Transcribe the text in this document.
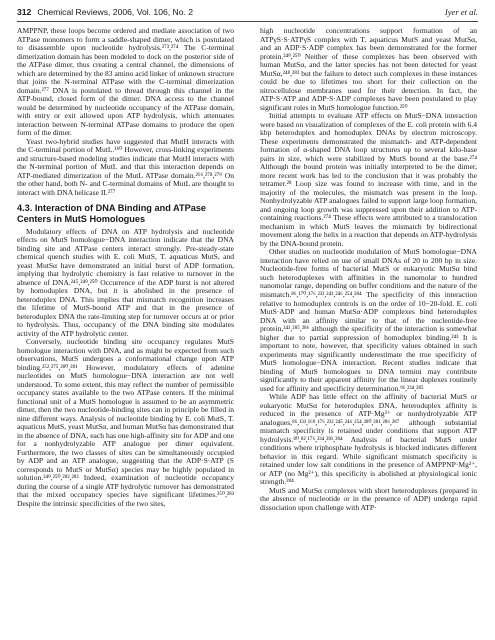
312 Chemical Reviews, 2006, Vol. 106, No. 2	Iyer et al.

AMPPNP, these loops become ordered and mediate association of two ATPase monomers to form a saddle-shaped dimer, which is postulated to disassemble upon nucleotide hydrolysis.²⁷³,²⁷⁴ The C-terminal dimerization domain has been modeled to dock on the posterior side of the ATPase dimer, thus creating a central channel, the dimensions of which are determined by the 83 amino acid linker of unknown structure that joins the N-terminal ATPase with the C-terminal dimerization domain.²⁷⁷ DNA is postulated to thread through this channel in the ATP-bound, closed form of the dimer. DNA access to the channel would be determined by nucleotide occupancy of the ATPase domain, with entry or exit allowed upon ATP hydrolysis, which attenuates interaction between N-terminal ATPase domains to produce the open form of the dimer.

Yeast two-hybrid studies have suggested that MutH interacts with the C-terminal portion of MutL.¹⁶⁰ However, cross-linking experiments and structure-based modeling studies indicate that MutH interacts with the N-terminal portion of MutL and that this interaction depends on ATP-mediated dimerization of the MutL ATPase domain.²⁶⁶,²⁷⁸,²⁷⁹ On the other hand, both N- and C-terminal domains of MutL are thought to interact with DNA helicase II.²⁷⁷

4.3. Interaction of DNA Binding and ATPase Centers in MutS Homologues

Modulatory effects of DNA on ATP hydrolysis and nucleotide effects on MutS homologue−DNA interaction indicate that the DNA binding site and ATPase centers interact strongly. Pre-steady-state chemical quench studies with E. coli MutS, T. aquaticus MutS, and yeast MutSα have demonstrated an initial burst of ADP formation, implying that hydrolytic chemistry is fast relative to turnover in the absence of DNA.²⁴⁵,²⁴⁹,²⁵⁰ Occurrence of the ADP burst is not altered by homoduplex DNA, but it is abolished in the presence of heteroduplex DNA. This implies that mismatch recognition increases the lifetime of MutS-bound ATP and that in the presence of heteroduplex DNA the rate-limiting step for turnover occurs at or prior to hydrolysis. Thus, occupancy of the DNA binding site modulates activity of the ATP hydrolytic center.

Conversely, nucleotide binding site occupancy regulates MutS homologue interaction with DNA, and as might be expected from such observations, MutS undergoes a conformational change upon ATP binding.²⁵²,²⁷⁵,²⁸⁰,²⁸¹ However, modulatory effects of adenine nucleotides on MutS homologue−DNA interaction are not well understood. To some extent, this may reflect the number of permissible occupancy states available to the two ATPase centers. If the minimal functional unit of a MutS homologue is assumed to be an asymmetric dimer, then the two nucleotide-binding sites can in principle be filled in nine different ways. Analysis of nucleotide binding by E. coli MutS, T. aquaticus MutS, yeast MutSα, and human MutSα has demonstrated that in the absence of DNA, each has one high-affinity site for ADP and one for a nonhydrolyzable ATP analogue per dimer equivalent. Furthermore, the two classes of sites can be simultaneously occupied by ADP and an ATP analogue, suggesting that the ADP·S·ATP (S corresponds to MutS or MutSα) species may be highly populated in solution.²⁴⁹,²⁵⁰,²⁸²,²⁸³ Indeed, examination of nucleotide occupancy during the course of a single ATP hydrolytic turnover has demonstrated that the mixed occupancy species have significant lifetimes.²⁵⁰,²⁸³ Despite the intrinsic specificities of the two sites,

high nucleotide concentrations support formation of an ATPγS·S·ATPγS complex with T. aquaticus MutS and yeast MutSα, and an ADP·S·ADP complex has been demonstrated for the former protein.²⁴⁹,²⁵⁰ Neither of these complexes has been observed with human MutSα, and the latter species has not been detected for yeast MutSα,²⁴⁸,²⁸³ but the failure to detect such complexes in these instances could be due to lifetimes too short for their collection on the nitrocellulose membranes used for their detection. In fact, the ATP·S·ATP and ADP·S·ADP complexes have been postulated to play significant roles in MutS homologue function.²⁵⁰

Initial attempts to evaluate ATP effects on MutS−DNA interaction were based on visualization of complexes of the E. coli protein with 6.4 kbp heteroduplex and homoduplex DNAs by electron microscopy. These experiments demonstrated the mismatch- and ATP-dependent formation of α-shaped DNA loop structures up to several kilo-base pairs in size, which were stabilized by MutS bound at the base.²⁷⁴ Although the bound protein was initially interpreted to be the dimer, more recent work has led to the conclusion that it was probably the tetramer.²⁸ Loop size was found to increase with time, and in the majority of the molecules, the mismatch was present in the loop. Nonhydrolyzable ATP analogues failed to support large loop formation, and ongoing loop growth was suppressed upon their addition to ATP-containing reactions.²⁷⁴ These effects were attributed to a translocation mechanism in which MutS leaves the mismatch by bidirectional movement along the helix in a reaction that depends on ATP-hydrolysis by the DNA-bound protein.

Other studies on nucleotide modulation of MutS homologue−DNA interaction have relied on use of small DNAs of 20 to 200 bp in size. Nucleotide-free forms of bacterial MutS or eukaryotic MutSα bind such heteroduplexes with affinities in the nanomolar to hundred nanomolar range, depending on buffer conditions and the nature of the mismatch.⁸⁶,¹⁷⁰,¹⁷⁶,²³²,²⁴³,²⁴⁶,²⁵⁴,²⁸⁴ The specificity of this interaction relative to homoduplex controls is on the order of 10−20-fold. E. coli MutS·ADP and human MutSα·ADP complexes bind heteroduplex DNA with an affinity similar to that of the nucleotide-free protein,²⁴³,²⁸⁵,²⁸⁶ although the specificity of the interaction is somewhat higher due to partial suppression of homoduplex binding.²⁴³ It is important to note, however, that specificity values obtained in such experiments may significantly underestimate the true specificity of MutS homologue−DNA interaction. Recent studies indicate that binding of MutS homologues to DNA termini may contribute significantly to their apparent affinity for the linear duplexes routinely used for affinity and specificity determination.⁹¹,²³⁴,²⁸⁵

While ADP has little effect on the affinity of bacterial MutS or eukaryotic MutSα for heteroduplex DNA, heteroduplex affinity is reduced in the presence of ATP·Mg²⁺ or nonhydrolyzable ATP analogues,⁸⁶,¹³³,¹⁶⁹,¹⁷⁶,²³²,²⁴⁵,²⁴⁶,²⁵⁴,²⁸⁰,²⁸¹,²⁸⁶,²⁸⁷ although substantial mismatch specificity is retained under conditions that support ATP hydrolysis.⁸⁰,⁸²,¹⁷⁶,²³⁴,²⁸¹,²⁸⁴ Analysis of bacterial MutS under conditions where triphosphate hydrolysis is blocked indicates different behavior in this regard. While significant mismatch specificity is retained under low salt conditions in the presence of AMPPNP·Mg²⁺, or ATP (no Mg²⁺), this specificity is abolished at physiological ionic strength.²⁸⁴

MutS and MutSα complexes with short heteroduplexes (prepared in the absence of nucleotide or in the presence of ADP) undergo rapid dissociation upon challenge with ATP·
